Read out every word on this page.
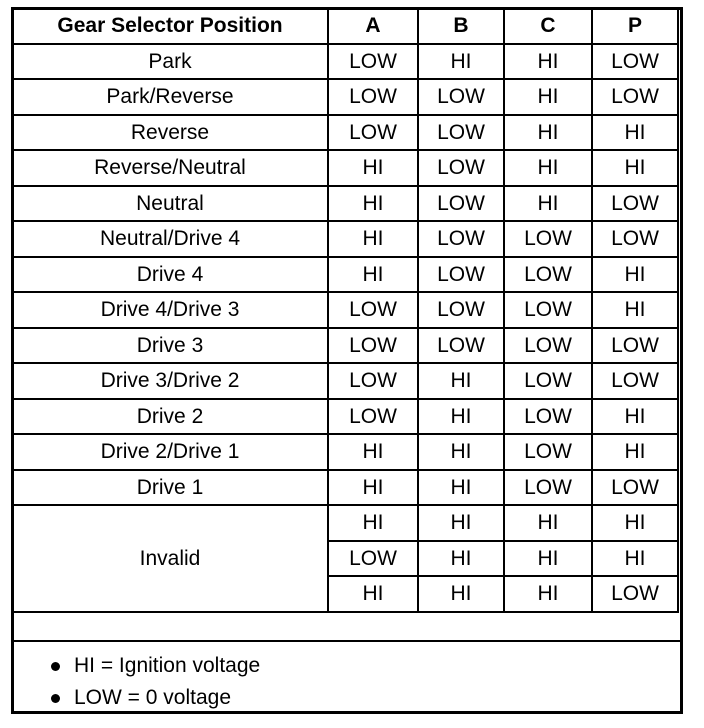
Gear Selector Position	A	B	C	P
Park	LOW	HI	HI	LOW
Park/Reverse	LOW	LOW	HI	LOW
Reverse	LOW	LOW	HI	HI
Reverse/Neutral	HI	LOW	HI	HI
Neutral	HI	LOW	HI	LOW
Neutral/Drive 4	HI	LOW	LOW	LOW
Drive 4	HI	LOW	LOW	HI
Drive 4/Drive 3	LOW	LOW	LOW	HI
Drive 3	LOW	LOW	LOW	LOW
Drive 3/Drive 2	LOW	HI	LOW	LOW
Drive 2	LOW	HI	LOW	HI
Drive 2/Drive 1	HI	HI	LOW	HI
Drive 1	HI	HI	LOW	LOW
Invalid	HI	HI	HI	HI
	LOW	HI	HI	HI
	HI	HI	HI	LOW
HI = Ignition voltage
LOW = 0 voltage
